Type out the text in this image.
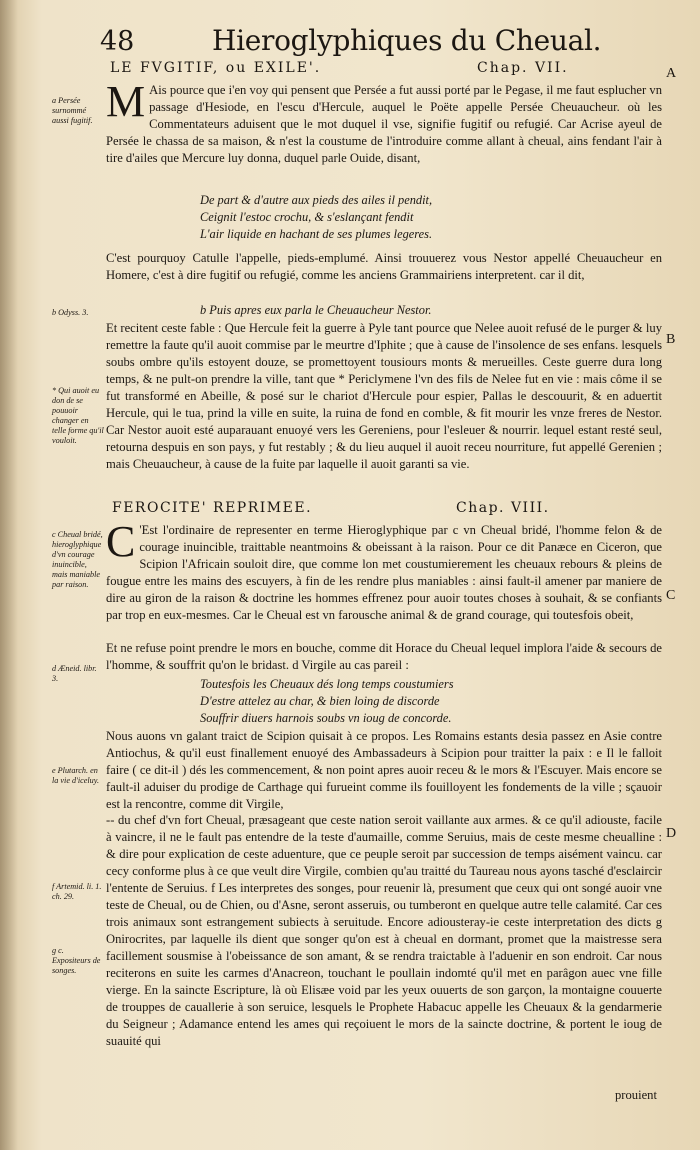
48	Hieroglyphiques du Cheual.
LE FVGITIF, ou EXILE'.	Chap. VII.	A
B
C
D
a Persée surnommé aussi fugitif.
b Odyss. 3.
* Qui auoit eu don de se pouuoir changer en telle forme qu'il vouloit.
c Cheual bridé, hieroglyphique d'vn courage inuincible, mais maniable par raison.
d Æneid. libr. 3.
e Plutarch. en la vie d'iceluy.
f Artemid. li. 1. ch. 29.
g c. Expositeurs de songes.
M Ais pource que i'en voy qui pensent que Persée a fut aussi porté par le Pegase, il me faut esplucher vn passage d'Hesiode, en l'escu d'Hercule, auquel le Poëte appelle Persée Cheuaucheur. où les Commentateurs aduisent que le mot duquel il vse, signifie fugitif ou refugié. Car Acrise ayeul de Persée le chassa de sa maison, & n'est la coustume de l'introduire comme allant à cheual, ains fendant l'air à tire d'ailes que Mercure luy donna, duquel parle Ouide, disant,

De part & d'autre aux pieds des ailes il pendit,
Ceignit l'estoc crochu, & s'eslançant fendit
L'air liquide en hachant de ses plumes legeres.

C'est pourquoy Catulle l'appelle, pieds-emplumé. Ainsi trouuerez vous Nestor appellé Cheuaucheur en Homere, c'est à dire fugitif ou refugié, comme les anciens Grammairiens interpretent. car il dit,

b Puis apres eux parla le Cheuaucheur Nestor.

Et recitent ceste fable : Que Hercule feit la guerre à Pyle tant pource que Nelee auoit refusé de le purger & luy remettre la faute qu'il auoit commise par le meurtre d'Iphite ; que à cause de l'insolence de ses enfans. lesquels soubs ombre qu'ils estoyent douze, se promettoyent tousiours monts & merueilles. Ceste guerre dura long temps, & ne pult-on prendre la ville, tant que * Periclymene l'vn des fils de Nelee fut en vie : mais côme il se fut transformé en Abeille, & posé sur le chariot d'Hercule pour espier, Pallas le descouurit, & en aduertit Hercule, qui le tua, prind la ville en suite, la ruina de fond en comble, & fit mourir les vnze freres de Nestor. Car Nestor auoit esté auparauant enuoyé vers les Gereniens, pour l'esleuer & nourrir. lequel estant resté seul, retourna despuis en son pays, y fut restably ; & du lieu auquel il auoit receu nourriture, fut appellé Gerenien ; mais Cheuaucheur, à cause de la fuite par laquelle il auoit garanti sa vie.

FEROCITE' REPRIMEE.	Chap. VIII.
C 'Est l'ordinaire de representer en terme Hieroglyphique par c vn Cheual bridé, l'homme felon & de courage inuincible, traittable neantmoins & obeissant à la raison. Pour ce dit Panæce en Ciceron, que Scipion l'Africain souloit dire, que comme lon met coustumierement les cheuaux rebours & pleins de fougue entre les mains des escuyers, à fin de les rendre plus maniables : ainsi fault-il amener par maniere de dire au giron de la raison & doctrine les hommes effrenez pour auoir toutes choses à souhait, & se confiants par trop en eux-mesmes. Car le Cheual est vn farousche animal & de grand courage, qui toutesfois obeit,

Et ne refuse point prendre le mors en bouche, comme dit Horace du Cheual lequel implora l'aide & secours de l'homme, & souffrit qu'on le bridast. d Virgile au cas pareil :

Toutesfois les Cheuaux dés long temps coustumiers
D'estre attelez au char, & bien loing de discorde
Souffrir diuers harnois soubs vn ioug de concorde.

Nous auons vn galant traict de Scipion quisait à ce propos. Les Romains estants desia passez en Asie contre Antiochus, & qu'il eust finallement enuoyé des Ambassadeurs à Scipion pour traitter la paix : e Il le falloit faire ( ce dit-il ) dés les commencement, & non point apres auoir receu & le mors & l'Escuyer. Mais encore se fault-il aduiser du prodige de Carthage qui furueint comme ils fouilloyent les fondements de la ville ; sçauoir est la rencontre, comme dit Virgile,

-- du chef d'vn fort Cheual, præsageant que ceste nation seroit vaillante aux armes. & ce qu'il adiouste, facile à vaincre, il ne le fault pas entendre de la teste d'aumaille, comme Seruius, mais de ceste mesme cheualline : & dire pour explication de ceste aduenture, que ce peuple seroit par succession de temps aisément vaincu. car cecy conforme plus à ce que veult dire Virgile, combien qu'au traitté du Taureau nous ayons tasché d'esclaircir l'entente de Seruius. f Les interpretes des songes, pour reuenir là, presument que ceux qui ont songé auoir vne teste de Cheual, ou de Chien, ou d'Asne, seront asseruis, ou tumberont en quelque autre telle calamité. Car ces trois animaux sont estrangement subiects à seruitude. Encore adiousteray-ie ceste interpretation des dicts g Onirocrites, par laquelle ils dient que songer qu'on est à cheual en dormant, promet que la maistresse sera facillement sousmise à l'obeissance de son amant, & se rendra traictable à l'aduenir en son endroit. Car nous reciterons en suite les carmes d'Anacreon, touchant le poullain indomté qu'il met en parâgon auec vne fille vierge. En la saincte Escripture, là où Elisæe void par les yeux ouuerts de son garçon, la montaigne couuerte de trouppes de cauallerie à son seruice, lesquels le Prophete Habacuc appelle les Cheuaux & la gendarmerie du Seigneur ; Adamance entend les ames qui reçoiuent le mors de la saincte doctrine, & portent le ioug de suauité qui

prouient
